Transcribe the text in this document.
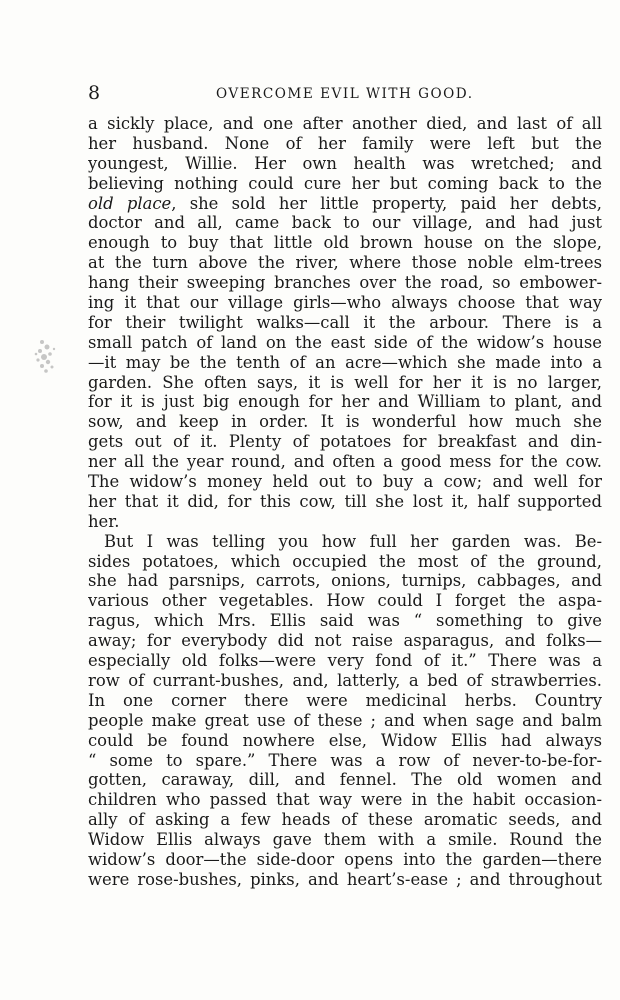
8	OVERCOME EVIL WITH GOOD.
a sickly place, and one after another died, and last of all
her husband. None of her family were left but the
youngest, Willie. Her own health was wretched; and
believing nothing could cure her but coming back to the
old place, she sold her little property, paid her debts,
doctor and all, came back to our village, and had just
enough to buy that little old brown house on the slope,
at the turn above the river, where those noble elm-trees
hang their sweeping branches over the road, so embower-
ing it that our village girls—who always choose that way
for their twilight walks—call it the arbour. There is a
small patch of land on the east side of the widow’s house
—it may be the tenth of an acre—which she made into a
garden. She often says, it is well for her it is no larger,
for it is just big enough for her and William to plant, and
sow, and keep in order. It is wonderful how much she
gets out of it. Plenty of potatoes for breakfast and din-
ner all the year round, and often a good mess for the cow.
The widow’s money held out to buy a cow; and well for
her that it did, for this cow, till she lost it, half supported
her.
But I was telling you how full her garden was. Be-
sides potatoes, which occupied the most of the ground,
she had parsnips, carrots, onions, turnips, cabbages, and
various other vegetables. How could I forget the aspa-
ragus, which Mrs. Ellis said was “ something to give
away; for everybody did not raise asparagus, and folks—
especially old folks—were very fond of it.” There was a
row of currant-bushes, and, latterly, a bed of strawberries.
In one corner there were medicinal herbs. Country
people make great use of these ; and when sage and balm
could be found nowhere else, Widow Ellis had always
“ some to spare.” There was a row of never-to-be-for-
gotten, caraway, dill, and fennel. The old women and
children who passed that way were in the habit occasion-
ally of asking a few heads of these aromatic seeds, and
Widow Ellis always gave them with a smile. Round the
widow’s door—the side-door opens into the garden—there
were rose-bushes, pinks, and heart’s-ease ; and throughout
